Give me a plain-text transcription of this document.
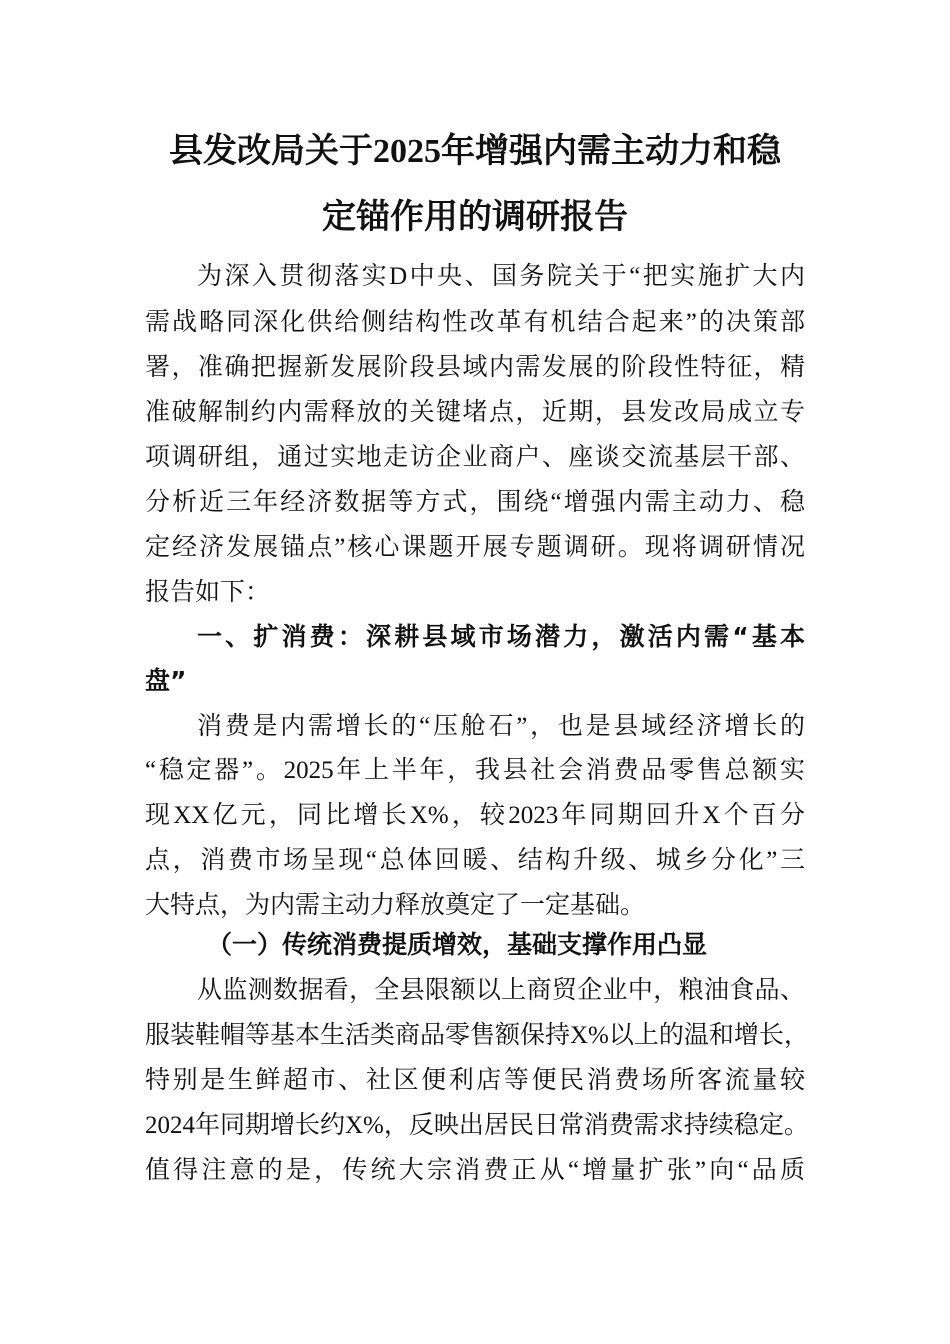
县发改局关于2025年增强内需主动力和稳
定锚作用的调研报告
为深入贯彻落实D中央、国务院关于“把实施扩大内
需战略同深化供给侧结构性改革有机结合起来”的决策部
署，准确把握新发展阶段县域内需发展的阶段性特征，精
准破解制约内需释放的关键堵点，近期，县发改局成立专
项调研组，通过实地走访企业商户、座谈交流基层干部、
分析近三年经济数据等方式，围绕“增强内需主动力、稳
定经济发展锚点”核心课题开展专题调研。现将调研情况
报告如下：
一、扩消费：深耕县域市场潜力，激活内需“基本
盘”
消费是内需增长的“压舱石”，也是县域经济增长的
“稳定器”。2025年上半年，我县社会消费品零售总额实
现XX亿元，同比增长X%，较2023年同期回升X个百分
点，消费市场呈现“总体回暖、结构升级、城乡分化”三
大特点，为内需主动力释放奠定了一定基础。
（一）传统消费提质增效，基础支撑作用凸显
从监测数据看，全县限额以上商贸企业中，粮油食品、
服装鞋帽等基本生活类商品零售额保持X%以上的温和增长，
特别是生鲜超市、社区便利店等便民消费场所客流量较
2024年同期增长约X%，反映出居民日常消费需求持续稳定。
值得注意的是，传统大宗消费正从“增量扩张”向“品质
